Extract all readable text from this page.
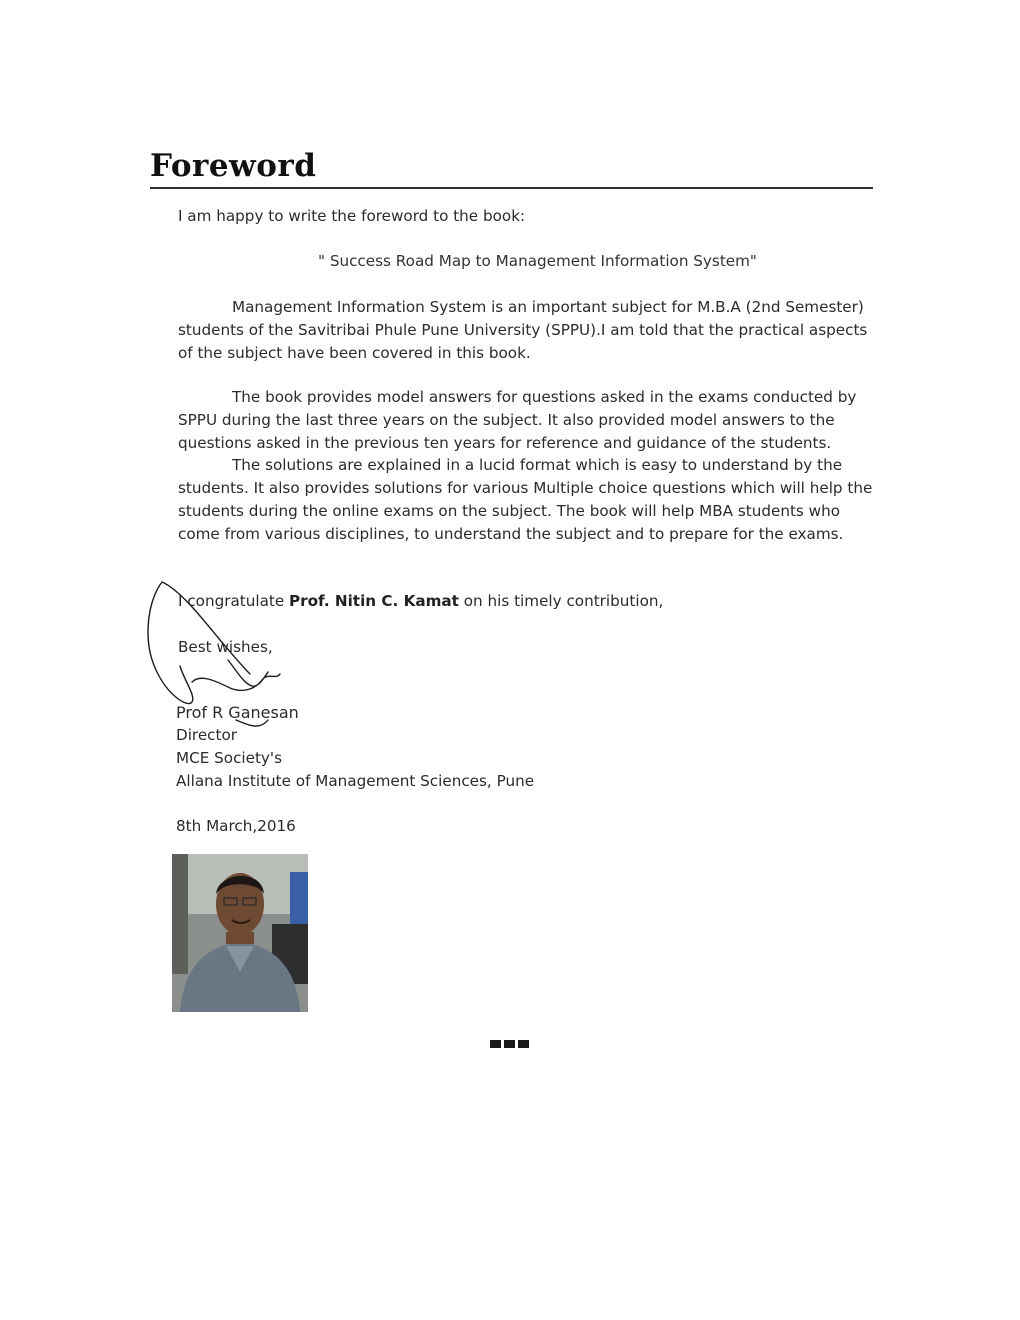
Foreword

I am happy to write the foreword to the book:

" Success Road Map to Management Information System"

Management Information System is an important subject for M.B.A (2nd Semester) students of the Savitribai Phule Pune University (SPPU).I am told that the practical aspects of the subject have been covered in this book.

The book provides model answers for questions asked in the exams conducted by SPPU during the last three years on the subject. It also provided model answers to the questions asked in the previous ten years for reference and guidance of the students.

The solutions are explained in a lucid format which is easy to understand by the students. It also provides solutions for various Multiple choice questions which will help the students during the online exams on the subject. The book will help MBA students who come from various disciplines, to understand the subject and to prepare for the exams.

I congratulate Prof. Nitin C. Kamat on his timely contribution,

Best wishes,

Prof R Ganesan
Director
MCE Society's
Allana Institute of Management Sciences, Pune

8th March,2016
